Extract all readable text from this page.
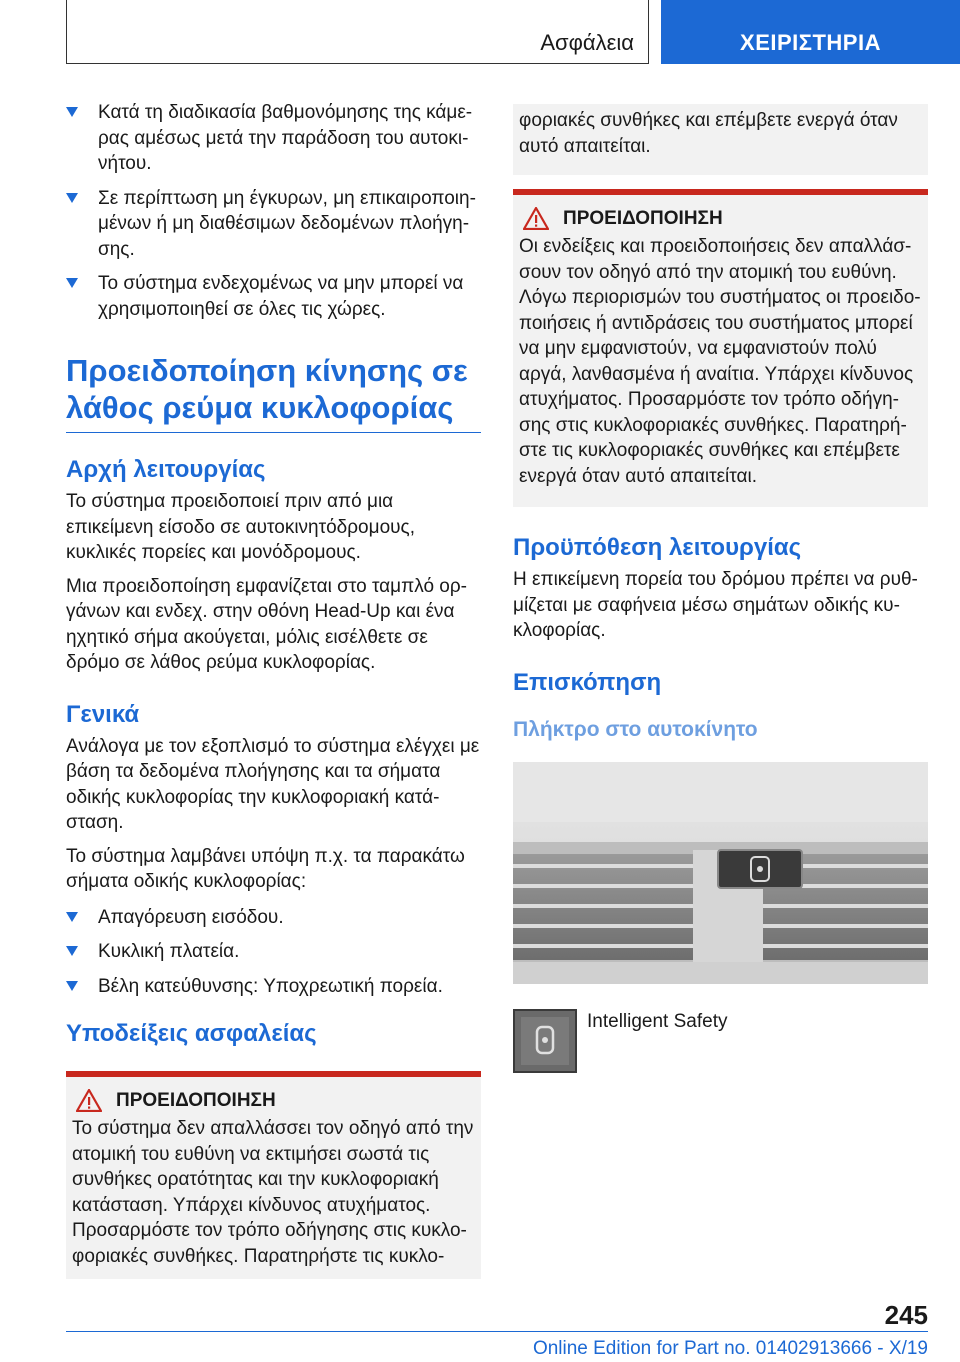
Ασφάλεια	ΧΕΙΡΙΣΤΗΡΙΑ
Κατά τη διαδικασία βαθμονόμησης της κάμε-ρας αμέσως μετά την παράδοση του αυτοκι-νήτου.
Σε περίπτωση μη έγκυρων, μη επικαιροποιη-μένων ή μη διαθέσιμων δεδομένων πλοήγη-σης.
Το σύστημα ενδεχομένως να μην μπορεί να χρησιμοποιηθεί σε όλες τις χώρες.
Προειδοποίηση κίνησης σε λάθος ρεύμα κυκλοφορίας
Αρχή λειτουργίας

Το σύστημα προειδοποιεί πριν από μια επικείμενη είσοδο σε αυτοκινητόδρομους, κυκλικές πορείες και μονόδρομους.

Μια προειδοποίηση εμφανίζεται στο ταμπλό ορ-γάνων και ενδεχ. στην οθόνη Head-Up και ένα ηχητικό σήμα ακούγεται, μόλις εισέλθετε σε δρόμο σε λάθος ρεύμα κυκλοφορίας.

Γενικά

Ανάλογα με τον εξοπλισμό το σύστημα ελέγχει με βάση τα δεδομένα πλοήγησης και τα σήματα οδικής κυκλοφορίας την κυκλοφοριακή κατά-σταση.

Το σύστημα λαμβάνει υπόψη π.χ. τα παρακάτω σήματα οδικής κυκλοφορίας:

Απαγόρευση εισόδου.
Κυκλική πλατεία.
Βέλη κατεύθυνσης: Υποχρεωτική πορεία.
Υποδείξεις ασφαλείας
ΠΡΟΕΙΔΟΠΟΙΗΣΗ

Το σύστημα δεν απαλλάσσει τον οδηγό από την ατομική του ευθύνη να εκτιμήσει σωστά τις συνθήκες ορατότητας και την κυκλοφοριακή κατάσταση. Υπάρχει κίνδυνος ατυχήματος. Προσαρμόστε τον τρόπο οδήγησης στις κυκλο-φοριακές συνθήκες. Παρατηρήστε τις κυκλο-

φοριακές συνθήκες και επέμβετε ενεργά όταν αυτό απαιτείται.

ΠΡΟΕΙΔΟΠΟΙΗΣΗ

Οι ενδείξεις και προειδοποιήσεις δεν απαλλάσ-σουν τον οδηγό από την ατομική του ευθύνη. Λόγω περιορισμών του συστήματος οι προειδο-ποιήσεις ή αντιδράσεις του συστήματος μπορεί να μην εμφανιστούν, να εμφανιστούν πολύ αργά, λανθασμένα ή αναίτια. Υπάρχει κίνδυνος ατυχήματος. Προσαρμόστε τον τρόπο οδήγη-σης στις κυκλοφοριακές συνθήκες. Παρατηρή-στε τις κυκλοφοριακές συνθήκες και επέμβετε ενεργά όταν αυτό απαιτείται.

Προϋπόθεση λειτουργίας

Η επικείμενη πορεία του δρόμου πρέπει να ρυθ-μίζεται με σαφήνεια μέσω σημάτων οδικής κυ-κλοφορίας.

Επισκόπηση
Πλήκτρο στο αυτοκίνητο
Intelligent Safety
245
Online Edition for Part no. 01402913666 - X/19
